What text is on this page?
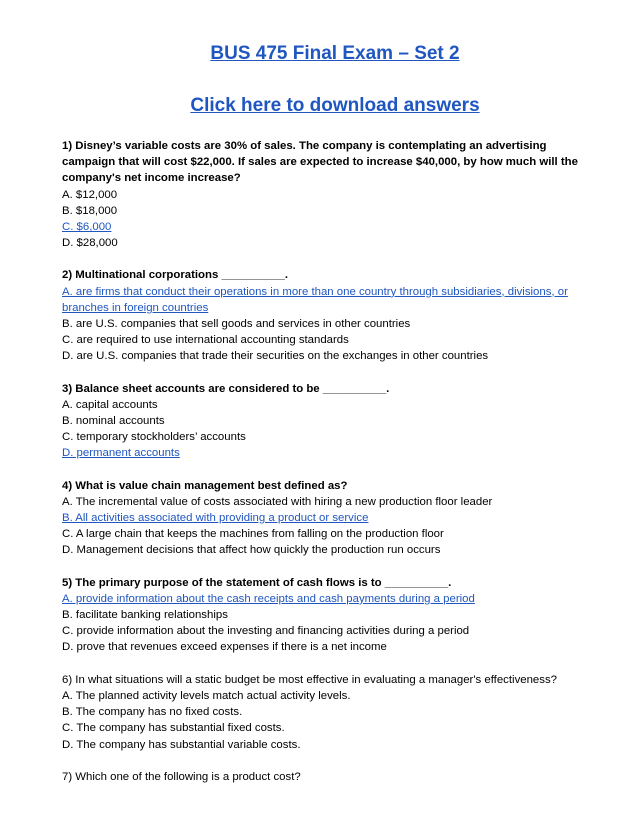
BUS 475 Final Exam – Set 2
Click here to download answers

1) Disney’s variable costs are 30% of sales. The company is contemplating an advertising campaign that will cost $22,000. If sales are expected to increase $40,000, by how much will the company's net income increase?

A. $12,000

B. $18,000

C. $6,000

D. $28,000

2) Multinational corporations __________.

A. are firms that conduct their operations in more than one country through subsidiaries, divisions, or branches in foreign countries

B. are U.S. companies that sell goods and services in other countries

C. are required to use international accounting standards

D. are U.S. companies that trade their securities on the exchanges in other countries

3) Balance sheet accounts are considered to be __________.

A. capital accounts

B. nominal accounts

C. temporary stockholders’ accounts

D. permanent accounts

4) What is value chain management best defined as?

A. The incremental value of costs associated with hiring a new production floor leader

B. All activities associated with providing a product or service

C. A large chain that keeps the machines from falling on the production floor

D. Management decisions that affect how quickly the production run occurs

5) The primary purpose of the statement of cash flows is to __________.

A. provide information about the cash receipts and cash payments during a period

B. facilitate banking relationships

C. provide information about the investing and financing activities during a period

D. prove that revenues exceed expenses if there is a net income

6) In what situations will a static budget be most effective in evaluating a manager's effectiveness?

A. The planned activity levels match actual activity levels.

B. The company has no fixed costs.

C. The company has substantial fixed costs.

D. The company has substantial variable costs.

7) Which one of the following is a product cost?
